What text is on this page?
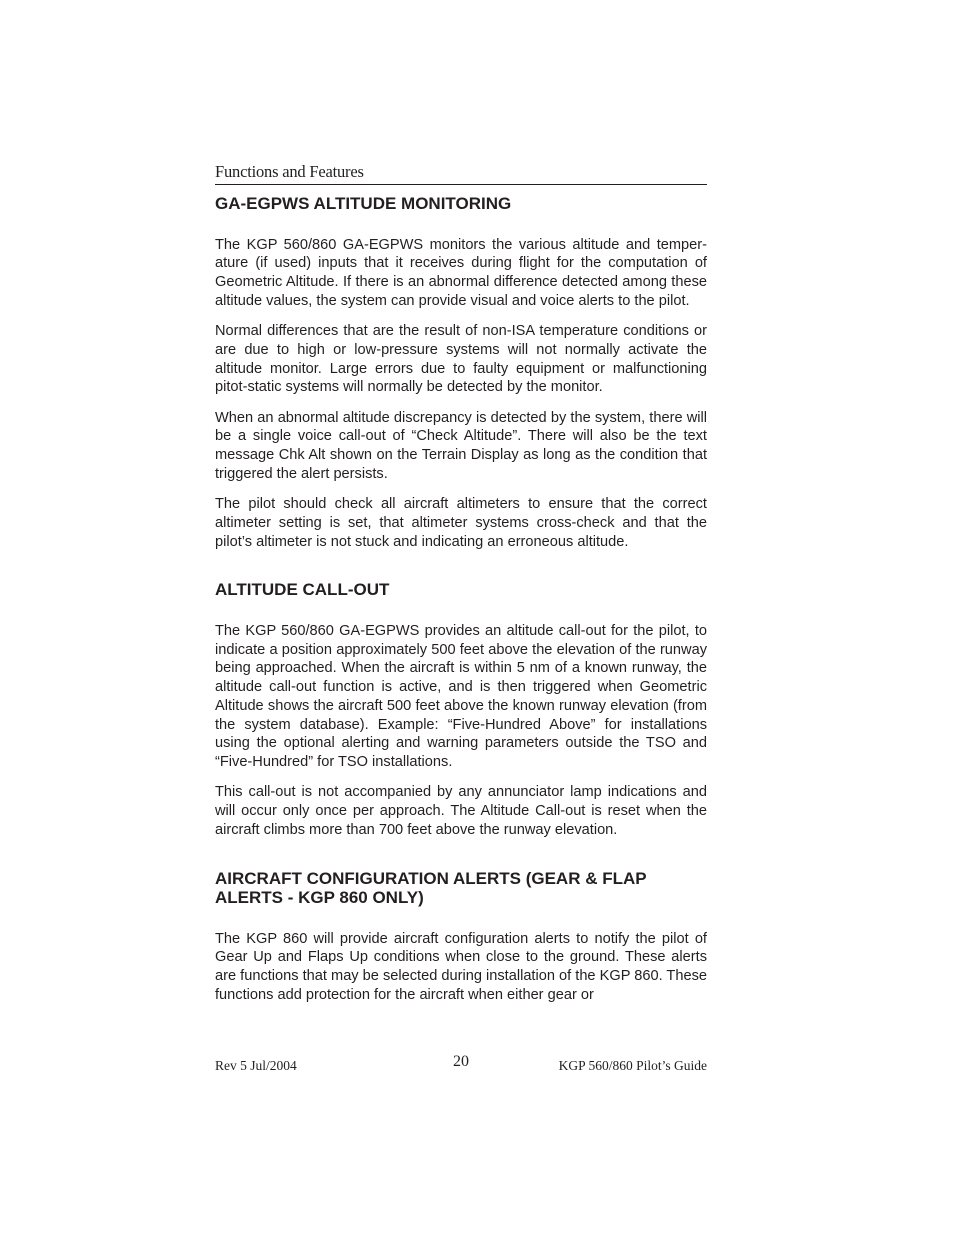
Functions and Features
GA-EGPWS ALTITUDE MONITORING

The KGP 560/860 GA-EGPWS monitors the various altitude and temperature (if used) inputs that it receives during flight for the computation of Geometric Altitude. If there is an abnormal difference detected among these altitude values, the system can provide visual and voice alerts to the pilot.

Normal differences that are the result of non-ISA temperature conditions or are due to high or low-pressure systems will not normally activate the altitude monitor. Large errors due to faulty equipment or malfunctioning pitot-static systems will normally be detected by the monitor.

When an abnormal altitude discrepancy is detected by the system, there will be a single voice call-out of “Check Altitude”. There will also be the text message Chk Alt shown on the Terrain Display as long as the condition that triggered the alert persists.

The pilot should check all aircraft altimeters to ensure that the correct altimeter setting is set, that altimeter systems cross-check and that the pilot’s altimeter is not stuck and indicating an erroneous altitude.

ALTITUDE CALL-OUT

The KGP 560/860 GA-EGPWS provides an altitude call-out for the pilot, to indicate a position approximately 500 feet above the elevation of the runway being approached. When the aircraft is within 5 nm of a known runway, the altitude call-out function is active, and is then triggered when Geometric Altitude shows the aircraft 500 feet above the known runway elevation (from the system database). Example: “Five-Hundred Above” for installations using the optional alerting and warning parameters outside the TSO and “Five-Hundred” for TSO installations.

This call-out is not accompanied by any annunciator lamp indications and will occur only once per approach. The Altitude Call-out is reset when the aircraft climbs more than 700 feet above the runway elevation.

AIRCRAFT CONFIGURATION ALERTS (GEAR & FLAP ALERTS - KGP 860 ONLY)

The KGP 860 will provide aircraft configuration alerts to notify the pilot of Gear Up and Flaps Up conditions when close to the ground. These alerts are functions that may be selected during installation of the KGP 860. These functions add protection for the aircraft when either gear or

Rev 5 Jul/2004	20	KGP 560/860 Pilot’s Guide
